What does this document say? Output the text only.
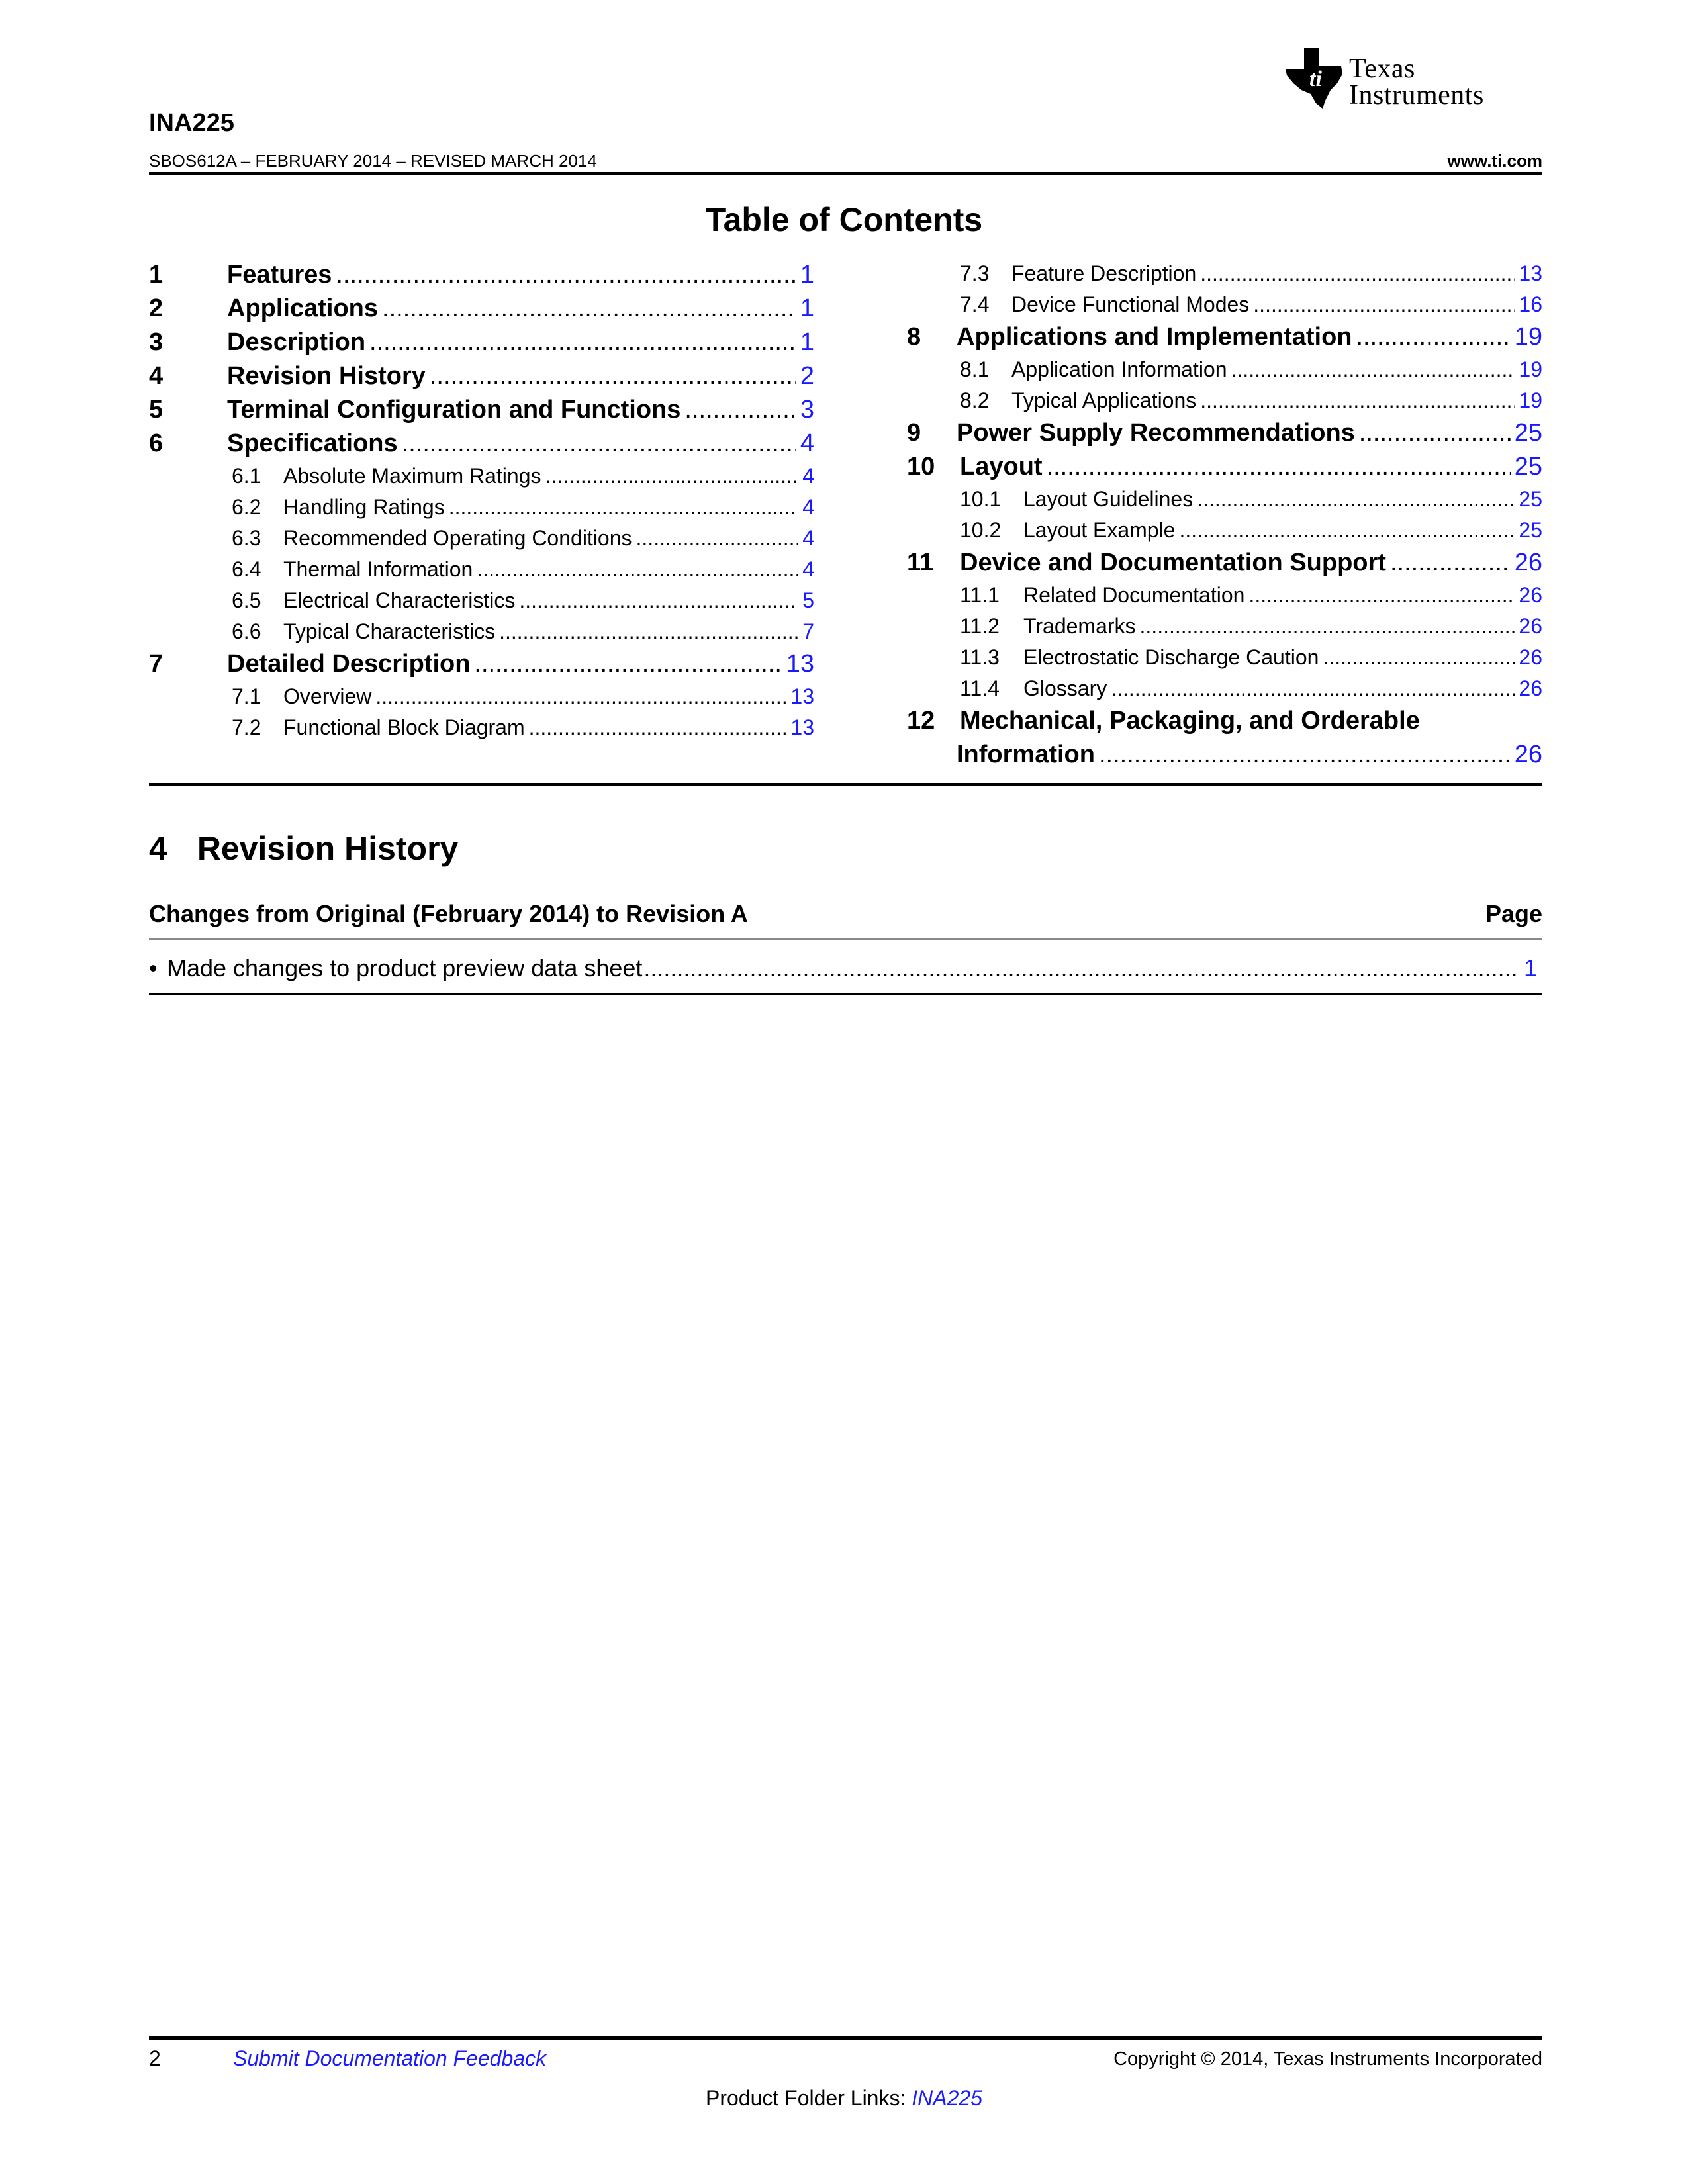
ti Texas
Instruments
INA225
SBOS612A – FEBRUARY 2014 – REVISED MARCH 2014	www.ti.com
Table of Contents
1	Features .....	1
2	Applications .....	1
3	Description .....	1
4	Revision History .....	2
5	Terminal Configuration and Functions .....	3
6	Specifications .....	4
6.1	Absolute Maximum Ratings .....	4
6.2	Handling Ratings .....	4
6.3	Recommended Operating Conditions .....	4
6.4	Thermal Information .....	4
6.5	Electrical Characteristics .....	5
6.6	Typical Characteristics .....	7
7	Detailed Description .....	13
7.1	Overview .....	13
7.2	Functional Block Diagram .....	13
7.3	Feature Description .....	13
7.4	Device Functional Modes .....	16
8	Applications and Implementation .....	19
8.1	Application Information .....	19
8.2	Typical Applications .....	19
9	Power Supply Recommendations .....	25
10 Layout .....	25
10.1	Layout Guidelines .....	25
10.2	Layout Example .....	25
11	Device and Documentation Support .....	26
11.1	Related Documentation .....	26
11.2	Trademarks .....	26
11.3	Electrostatic Discharge Caution .....	26
11.4	Glossary .....	26
12 Mechanical, Packaging, and Orderable
Information .....	26
4 Revision History
Changes from Original (February 2014) to Revision A	Page
• Made changes to product preview data sheet .....	1
2	Submit Documentation Feedback	Copyright © 2014, Texas Instruments Incorporated
Product Folder Links: INA225
